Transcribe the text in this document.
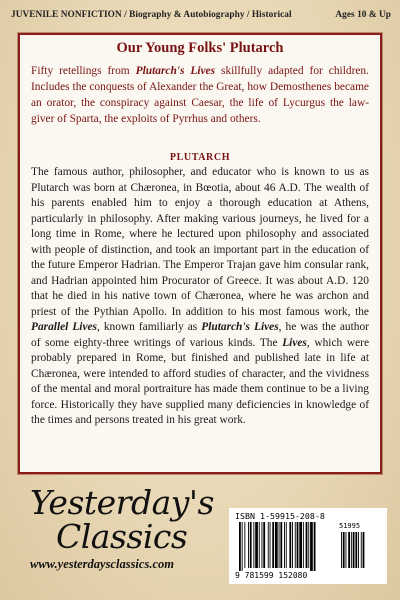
JUVENILE NONFICTION / Biography & Autobiography / Historical	Ages 10 & Up
Our Young Folks' Plutarch
Fifty retellings from Plutarch's Lives skillfully adapted for children. Includes the conquests of Alexander the Great, how Demosthenes became an orator, the conspiracy against Caesar, the life of Lycurgus the law-giver of Sparta, the exploits of Pyrrhus and others.
PLUTARCH
The famous author, philosopher, and educator who is known to us as Plutarch was born at Chæronea, in Bœotia, about 46 A.D. The wealth of his parents enabled him to enjoy a thorough education at Athens, particularly in philosophy. After making various journeys, he lived for a long time in Rome, where he lectured upon philosophy and associated with people of distinction, and took an important part in the education of the future Emperor Hadrian. The Emperor Trajan gave him consular rank, and Hadrian appointed him Procurator of Greece. It was about A.D. 120 that he died in his native town of Chæronea, where he was archon and priest of the Pythian Apollo. In addition to his most famous work, the Parallel Lives, known familiarly as Plutarch's Lives, he was the author of some eighty-three writings of various kinds. The Lives, which were probably prepared in Rome, but finished and published late in life at Chæronea, were intended to afford studies of character, and the vividness of the mental and moral portraiture has made them continue to be a living force. Historically they have supplied many deficiencies in knowledge of the times and persons treated in his great work.
Yesterday's
Classics
www.yesterdaysclassics.com
ISBN 1-59915-208-8
51995
9 781599 152080
